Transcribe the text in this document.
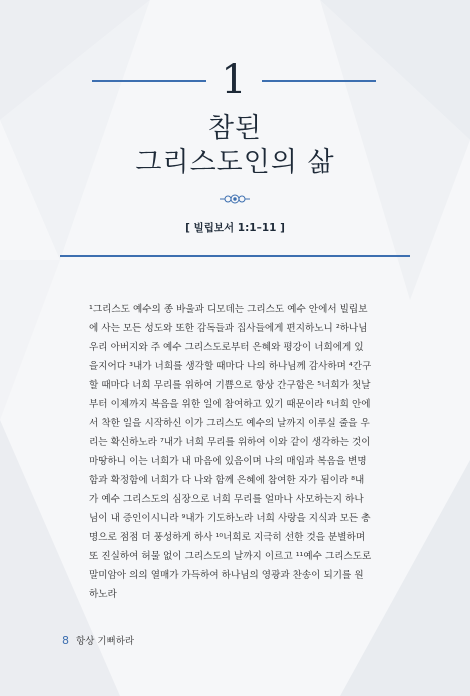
1
참된
그리스도인의 삶
[ 빌립보서 1:1–11 ]
¹그리스도 예수의 종 바울과 디모데는 그리스도 예수 안에서 빌립보
에 사는 모든 성도와 또한 감독들과 집사들에게 편지하노니 ²하나님
우리 아버지와 주 예수 그리스도로부터 은혜와 평강이 너희에게 있
을지어다 ³내가 너희를 생각할 때마다 나의 하나님께 감사하며 ⁴간구
할 때마다 너희 무리를 위하여 기쁨으로 항상 간구함은 ⁵너희가 첫날
부터 이제까지 복음을 위한 일에 참여하고 있기 때문이라 ⁶너희 안에
서 착한 일을 시작하신 이가 그리스도 예수의 날까지 이루실 줄을 우
리는 확신하노라 ⁷내가 너희 무리를 위하여 이와 같이 생각하는 것이
마땅하니 이는 너희가 내 마음에 있음이며 나의 매임과 복음을 변명
함과 확정함에 너희가 다 나와 함께 은혜에 참여한 자가 됨이라 ⁸내
가 예수 그리스도의 심장으로 너희 무리를 얼마나 사모하는지 하나
님이 내 증인이시니라 ⁹내가 기도하노라 너희 사랑을 지식과 모든 총
명으로 점점 더 풍성하게 하사 ¹⁰너희로 지극히 선한 것을 분별하며
또 진실하여 허물 없이 그리스도의 날까지 이르고 ¹¹예수 그리스도로
말미암아 의의 열매가 가득하여 하나님의 영광과 찬송이 되기를 원
하노라
8 항상 기뻐하라
